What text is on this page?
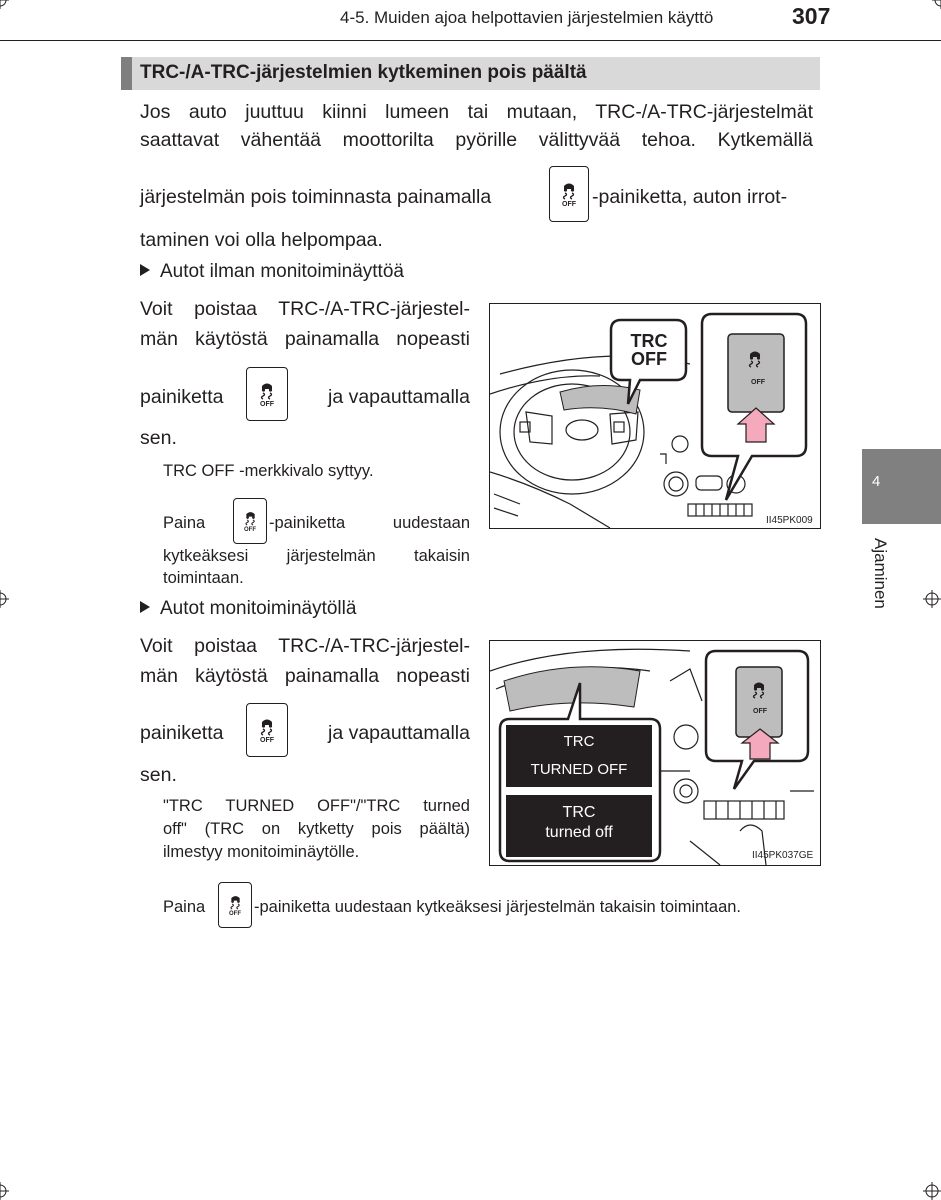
4-5. Muiden ajoa helpottavien järjestelmien käyttö	307
TRC-/A-TRC-järjestelmien kytkeminen pois päältä
Jos auto juuttuu kiinni lumeen tai mutaan, TRC-/A-TRC-järjestelmät
saattavat vähentää moottorilta pyörille välittyvää tehoa. Kytkemällä
järjestelmän pois toiminnasta painamalla	OFF -painiketta, auton irrot-
taminen voi olla helpompaa.
Autot ilman monitoiminäyttöä
Voit poistaa TRC-/A-TRC-järjestel-
män käytöstä painamalla nopeasti
painiketta	OFF	ja vapauttamalla
sen.
TRC OFF -merkkivalo syttyy.
Paina	OFF -painiketta uudestaan
kytkeäksesi järjestelmän takaisin
toimintaan.
TRC
OFF
OFF
II45PK009
Autot monitoiminäytöllä
Voit poistaa TRC-/A-TRC-järjestel-
män käytöstä painamalla nopeasti
painiketta	OFF	ja vapauttamalla
sen.
"TRC TURNED OFF"/"TRC turned
off" (TRC on kytketty pois päältä)
ilmestyy monitoiminäytölle.
TRC
TURNED OFF
TRC
turned off
OFF
II45PK037GE
Paina	OFF -painiketta uudestaan kytkeäksesi järjestelmän takaisin toimintaan.
4
Ajaminen
